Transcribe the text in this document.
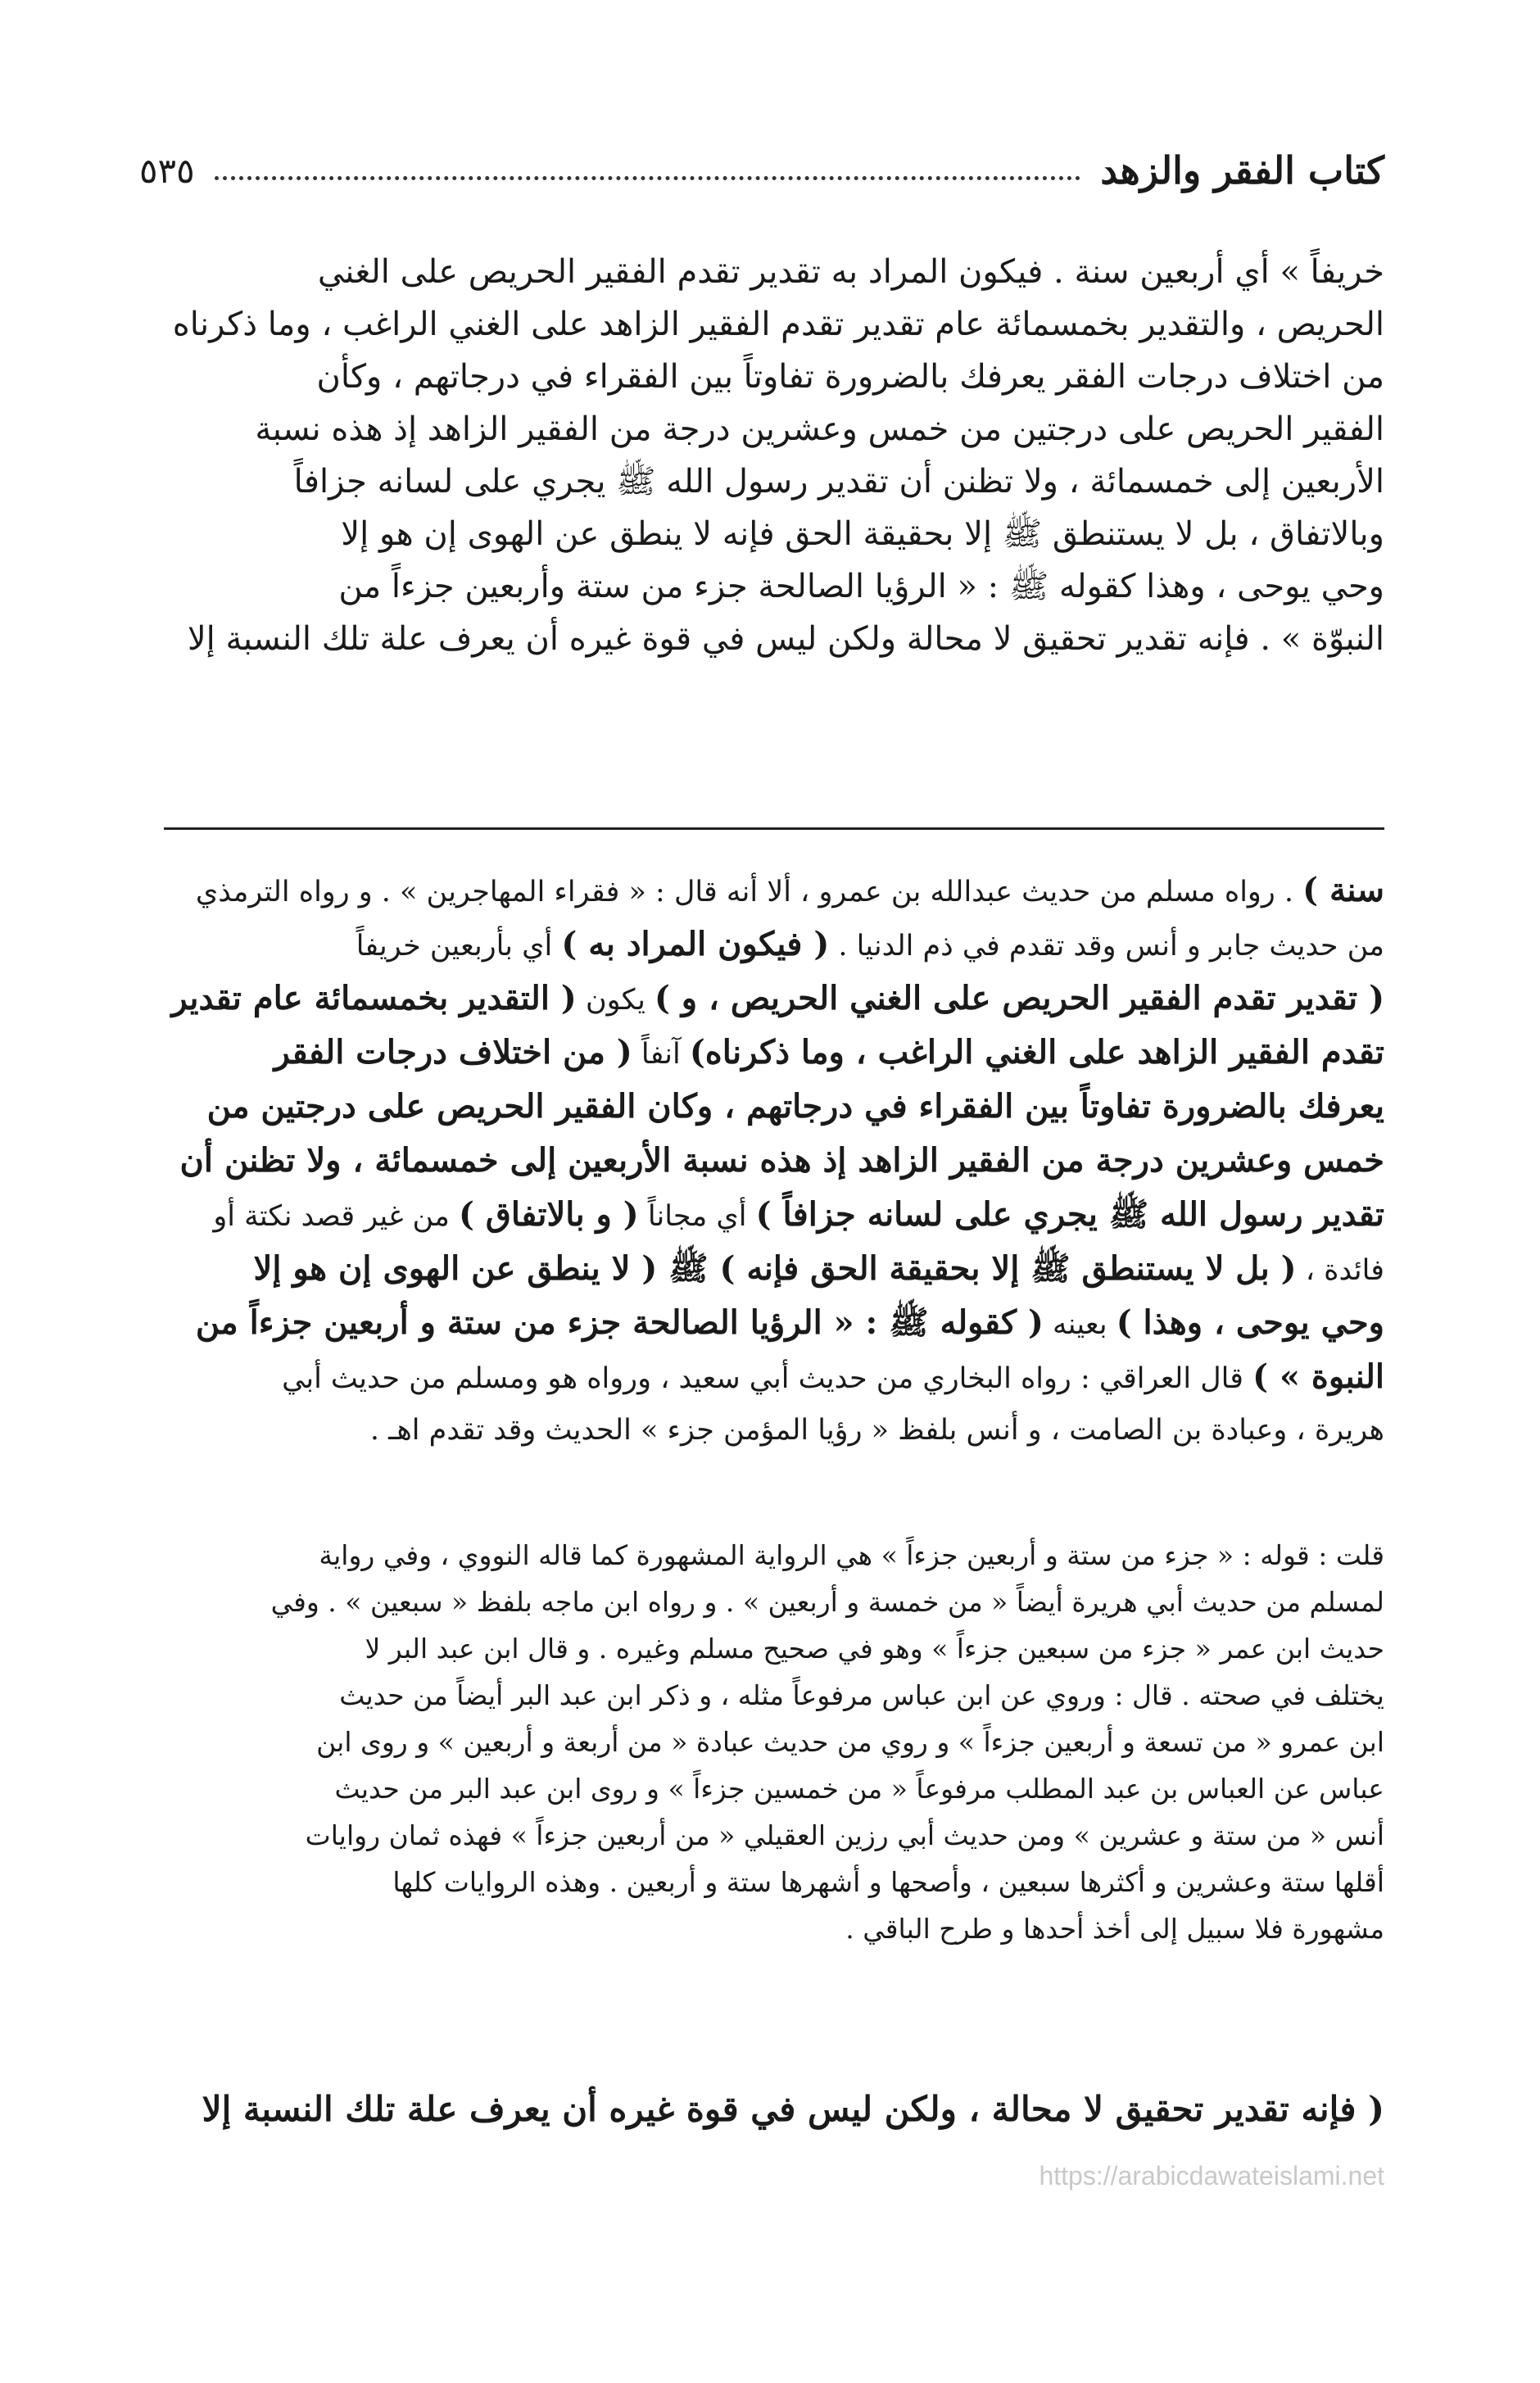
كتاب الفقر والزهد
٥٣٥

خريفاً » أي أربعين سنة . فيكون المراد به تقدير تقدم الفقير الحريص على الغني

الحريص ، والتقدير بخمسمائة عام تقدير تقدم الفقير الزاهد على الغني الراغب ، وما ذكرناه

من اختلاف درجات الفقر يعرفك بالضرورة تفاوتاً بين الفقراء في درجاتهم ، وكأن

الفقير الحريص على درجتين من خمس وعشرين درجة من الفقير الزاهد إذ هذه نسبة

الأربعين إلى خمسمائة ، ولا تظنن أن تقدير رسول الله ﷺ يجري على لسانه جزافاً

وبالاتفاق ، بل لا يستنطق ﷺ إلا بحقيقة الحق فإنه لا ينطق عن الهوى إن هو إلا

وحي يوحى ، وهذا كقوله ﷺ : « الرؤيا الصالحة جزء من ستة وأربعين جزءاً من

النبوّة » . فإنه تقدير تحقيق لا محالة ولكن ليس في قوة غيره أن يعرف علة تلك النسبة إلا

سنة ) . رواه مسلم من حديث عبدالله بن عمرو ، ألا أنه قال : « فقراء المهاجرين » . و رواه الترمذي

من حديث جابر و أنس وقد تقدم في ذم الدنيا . ( فيكون المراد به ) أي بأربعين خريفاً

( تقدير تقدم الفقير الحريص على الغني الحريص ، و ) يكون ( التقدير بخمسمائة عام تقدير

تقدم الفقير الزاهد على الغني الراغب ، وما ذكرناه) آنفاً ( من اختلاف درجات الفقر

يعرفك بالضرورة تفاوتاً بين الفقراء في درجاتهم ، وكان الفقير الحريص على درجتين من

خمس وعشرين درجة من الفقير الزاهد إذ هذه نسبة الأربعين إلى خمسمائة ، ولا تظنن أن

تقدير رسول الله ﷺ يجري على لسانه جزافاً ) أي مجاناً ( و بالاتفاق ) من غير قصد نكتة أو

فائدة ، ( بل لا يستنطق ﷺ إلا بحقيقة الحق فإنه ) ﷺ ( لا ينطق عن الهوى إن هو إلا

وحي يوحى ، وهذا ) بعينه ( كقوله ﷺ : « الرؤيا الصالحة جزء من ستة و أربعين جزءاً من

النبوة » ) قال العراقي : رواه البخاري من حديث أبي سعيد ، ورواه هو ومسلم من حديث أبي

هريرة ، وعبادة بن الصامت ، و أنس بلفظ « رؤيا المؤمن جزء » الحديث وقد تقدم اهـ .

قلت : قوله : « جزء من ستة و أربعين جزءاً » هي الرواية المشهورة كما قاله النووي ، وفي رواية

لمسلم من حديث أبي هريرة أيضاً « من خمسة و أربعين » . و رواه ابن ماجه بلفظ « سبعين » . وفي

حديث ابن عمر « جزء من سبعين جزءاً » وهو في صحيح مسلم وغيره . و قال ابن عبد البر لا

يختلف في صحته . قال : وروي عن ابن عباس مرفوعاً مثله ، و ذكر ابن عبد البر أيضاً من حديث

ابن عمرو « من تسعة و أربعين جزءاً » و روي من حديث عبادة « من أربعة و أربعين » و روى ابن

عباس عن العباس بن عبد المطلب مرفوعاً « من خمسين جزءاً » و روى ابن عبد البر من حديث

أنس « من ستة و عشرين » ومن حديث أبي رزين العقيلي « من أربعين جزءاً » فهذه ثمان روايات

أقلها ستة وعشرين و أكثرها سبعين ، وأصحها و أشهرها ستة و أربعين . وهذه الروايات كلها

مشهورة فلا سبيل إلى أخذ أحدها و طرح الباقي .

( فإنه تقدير تحقيق لا محالة ، ولكن ليس في قوة غيره أن يعرف علة تلك النسبة إلا

https://arabicdawateislami.net
